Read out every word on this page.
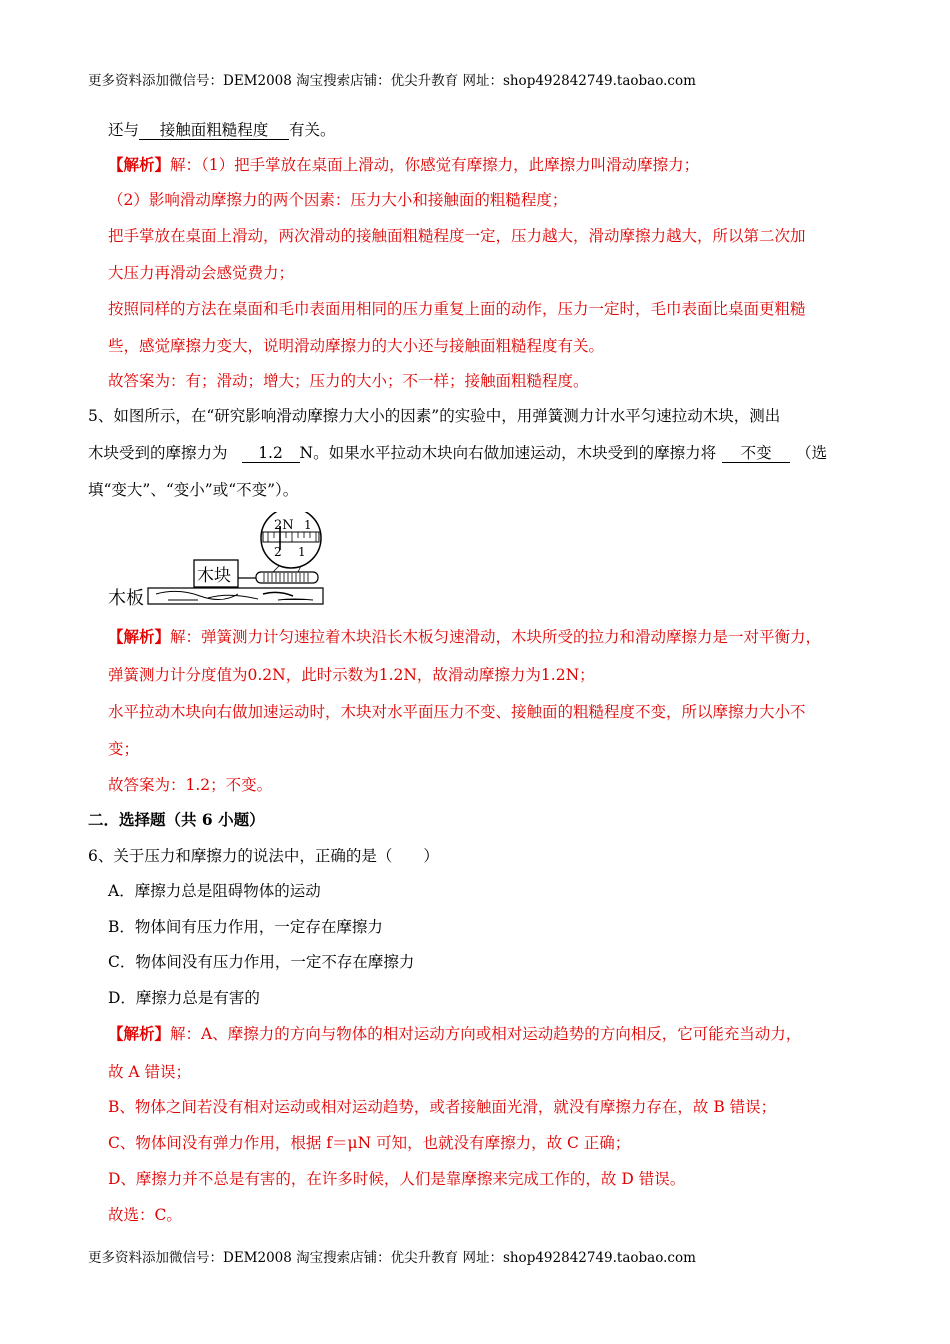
更多资料添加微信号：DEM2008 淘宝搜索店铺：优尖升教育 网址：shop492842749.taobao.com
还与 接触面粗糙程度 有关。
【解析】解：（1）把手掌放在桌面上滑动，你感觉有摩擦力，此摩擦力叫滑动摩擦力；
（2）影响滑动摩擦力的两个因素：压力大小和接触面的粗糙程度；
把手掌放在桌面上滑动，两次滑动的接触面粗糙程度一定，压力越大，滑动摩擦力越大，所以第二次加
大压力再滑动会感觉费力；
按照同样的方法在桌面和毛巾表面用相同的压力重复上面的动作，压力一定时，毛巾表面比桌面更粗糙
些，感觉摩擦力变大，说明滑动摩擦力的大小还与接触面粗糙程度有关。
故答案为：有；滑动；增大；压力的大小；不一样；接触面粗糙程度。
5、如图所示，在“研究影响滑动摩擦力大小的因素”的实验中，用弹簧测力计水平匀速拉动木块，测出
木块受到的摩擦力为 1.2 N。如果水平拉动木块向右做加速运动，木块受到的摩擦力将 不变 （选
填“变大”、“变小”或“不变”）。
木板
木块
2N 1
2 1
【解析】解：弹簧测力计匀速拉着木块沿长木板匀速滑动，木块所受的拉力和滑动摩擦力是一对平衡力，
弹簧测力计分度值为0.2N，此时示数为1.2N，故滑动摩擦力为1.2N；
水平拉动木块向右做加速运动时，木块对水平面压力不变、接触面的粗糙程度不变，所以摩擦力大小不
变；
故答案为：1.2；不变。
二．选择题（共 6 小题）
6、关于压力和摩擦力的说法中，正确的是（　　）
A．摩擦力总是阻碍物体的运动
B．物体间有压力作用，一定存在摩擦力
C．物体间没有压力作用，一定不存在摩擦力
D．摩擦力总是有害的
【解析】解：A、摩擦力的方向与物体的相对运动方向或相对运动趋势的方向相反，它可能充当动力，
故 A 错误；
B、物体之间若没有相对运动或相对运动趋势，或者接触面光滑，就没有摩擦力存在，故 B 错误；
C、物体间没有弹力作用，根据 f＝μN 可知，也就没有摩擦力，故 C 正确；
D、摩擦力并不总是有害的，在许多时候，人们是靠摩擦来完成工作的，故 D 错误。
故选：C。
更多资料添加微信号：DEM2008 淘宝搜索店铺：优尖升教育 网址：shop492842749.taobao.com
